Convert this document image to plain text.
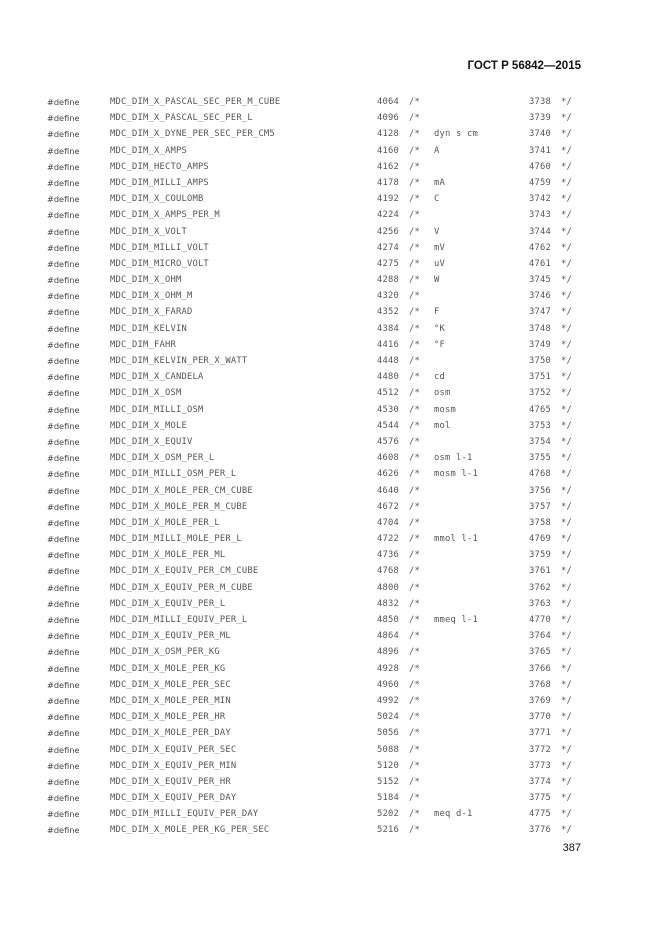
ГОСТ Р 56842—2015
#define	MDC_DIM_X_PASCAL_SEC_PER_M_CUBE	4064 /*	3738 */
#define	MDC_DIM_X_PASCAL_SEC_PER_L	4096 /*	3739 */
#define	MDC_DIM_X_DYNE_PER_SEC_PER_CM5	4128 /* dyn s cm	3740 */
#define	MDC_DIM_X_AMPS	4160 /* A	3741 */
#define	MDC_DIM_HECTO_AMPS	4162 /*	4760 */
#define	MDC_DIM_MILLI_AMPS	4178 /* mA	4759 */
#define	MDC_DIM_X_COULOMB	4192 /* C	3742 */
#define	MDC_DIM_X_AMPS_PER_M	4224 /*	3743 */
#define	MDC_DIM_X_VOLT	4256 /* V	3744 */
#define	MDC_DIM_MILLI_VOLT	4274 /* mV	4762 */
#define	MDC_DIM_MICRO_VOLT	4275 /* uV	4761 */
#define	MDC_DIM_X_OHM	4288 /* W	3745 */
#define	MDC_DIM_X_OHM_M	4320 /*	3746 */
#define	MDC_DIM_X_FARAD	4352 /* F	3747 */
#define	MDC_DIM_KELVIN	4384 /* °K	3748 */
#define	MDC_DIM_FAHR	4416 /* °F	3749 */
#define	MDC_DIM_KELVIN_PER_X_WATT	4448 /*	3750 */
#define	MDC_DIM_X_CANDELA	4480 /* cd	3751 */
#define	MDC_DIM_X_OSM	4512 /* osm	3752 */
#define	MDC_DIM_MILLI_OSM	4530 /* mosm	4765 */
#define	MDC_DIM_X_MOLE	4544 /* mol	3753 */
#define	MDC_DIM_X_EQUIV	4576 /*	3754 */
#define	MDC_DIM_X_OSM_PER_L	4608 /* osm l-1	3755 */
#define	MDC_DIM_MILLI_OSM_PER_L	4626 /* mosm l-1	4768 */
#define	MDC_DIM_X_MOLE_PER_CM_CUBE	4640 /*	3756 */
#define	MDC_DIM_X_MOLE_PER_M_CUBE	4672 /*	3757 */
#define	MDC_DIM_X_MOLE_PER_L	4704 /*	3758 */
#define	MDC_DIM_MILLI_MOLE_PER_L	4722 /* mmol l-1	4769 */
#define	MDC_DIM_X_MOLE_PER_ML	4736 /*	3759 */
#define	MDC_DIM_X_EQUIV_PER_CM_CUBE	4768 /*	3761 */
#define	MDC_DIM_X_EQUIV_PER_M_CUBE	4800 /*	3762 */
#define	MDC_DIM_X_EQUIV_PER_L	4832 /*	3763 */
#define	MDC_DIM_MILLI_EQUIV_PER_L	4850 /* mmeq l-1	4770 */
#define	MDC_DIM_X_EQUIV_PER_ML	4864 /*	3764 */
#define	MDC_DIM_X_OSM_PER_KG	4896 /*	3765 */
#define	MDC_DIM_X_MOLE_PER_KG	4928 /*	3766 */
#define	MDC_DIM_X_MOLE_PER_SEC	4960 /*	3768 */
#define	MDC_DIM_X_MOLE_PER_MIN	4992 /*	3769 */
#define	MDC_DIM_X_MOLE_PER_HR	5024 /*	3770 */
#define	MDC_DIM_X_MOLE_PER_DAY	5056 /*	3771 */
#define	MDC_DIM_X_EQUIV_PER_SEC	5088 /*	3772 */
#define	MDC_DIM_X_EQUIV_PER_MIN	5120 /*	3773 */
#define	MDC_DIM_X_EQUIV_PER_HR	5152 /*	3774 */
#define	MDC_DIM_X_EQUIV_PER_DAY	5184 /*	3775 */
#define	MDC_DIM_MILLI_EQUIV_PER_DAY	5202 /* meq d-1	4775 */
#define	MDC_DIM_X_MOLE_PER_KG_PER_SEC	5216 /*	3776 */
387
